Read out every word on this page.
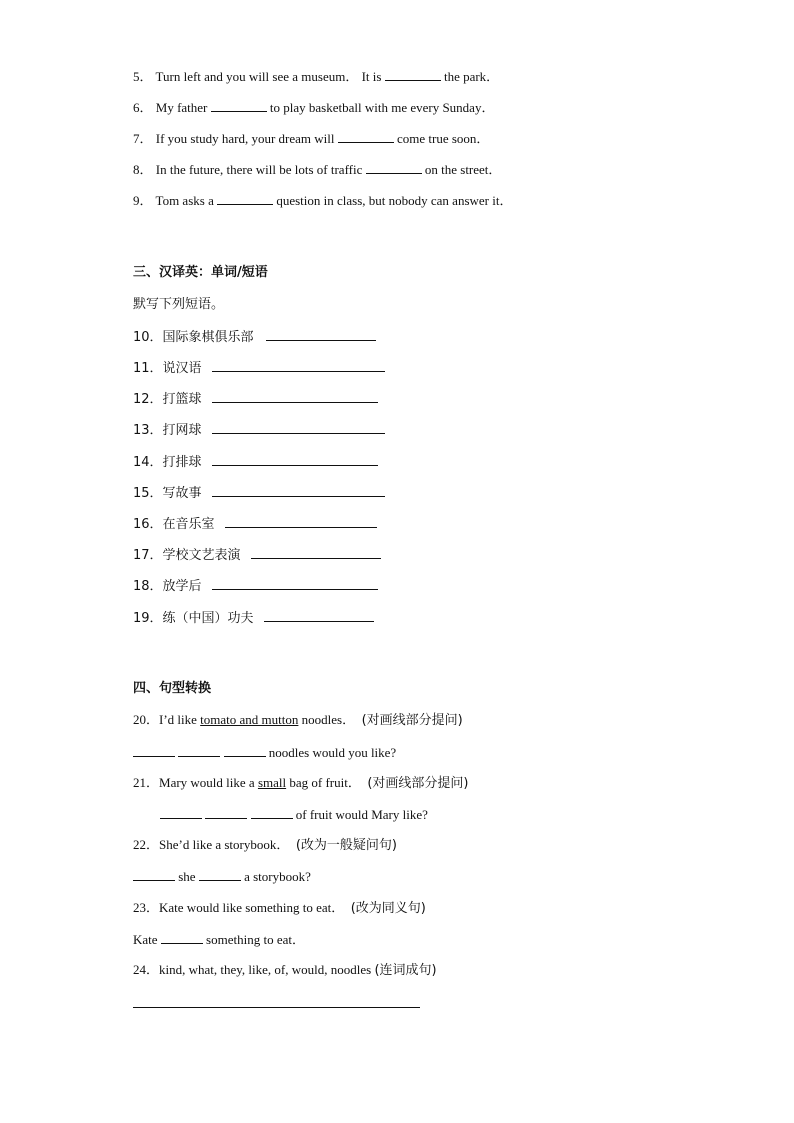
5． Turn left and you will see a museum． It is	the park．
6． My father	to play basketball with me every Sunday．
7． If you study hard, your dream will	come true soon．
8． In the future, there will be lots of traffic	on the street．
9． Tom asks a	question in class, but nobody can answer it．
三、汉译英：单词/短语
默写下列短语。
10．国际象棋俱乐部
11．说汉语
12．打篮球
13．打网球
14．打排球
15．写故事
16．在音乐室
17．学校文艺表演
18．放学后
19．练（中国）功夫
四、句型转换
20．I’d like tomato and mutton noodles． (对画线部分提问)
noodles would you like?
21．Mary would like a small bag of fruit． (对画线部分提问)
of fruit would Mary like?
22．She’d like a storybook． (改为一般疑问句)
she	a storybook?
23．Kate would like something to eat． (改为同义句)
Kate	something to eat．
24．kind, what, they, like, of, would, noodles (连词成句)
